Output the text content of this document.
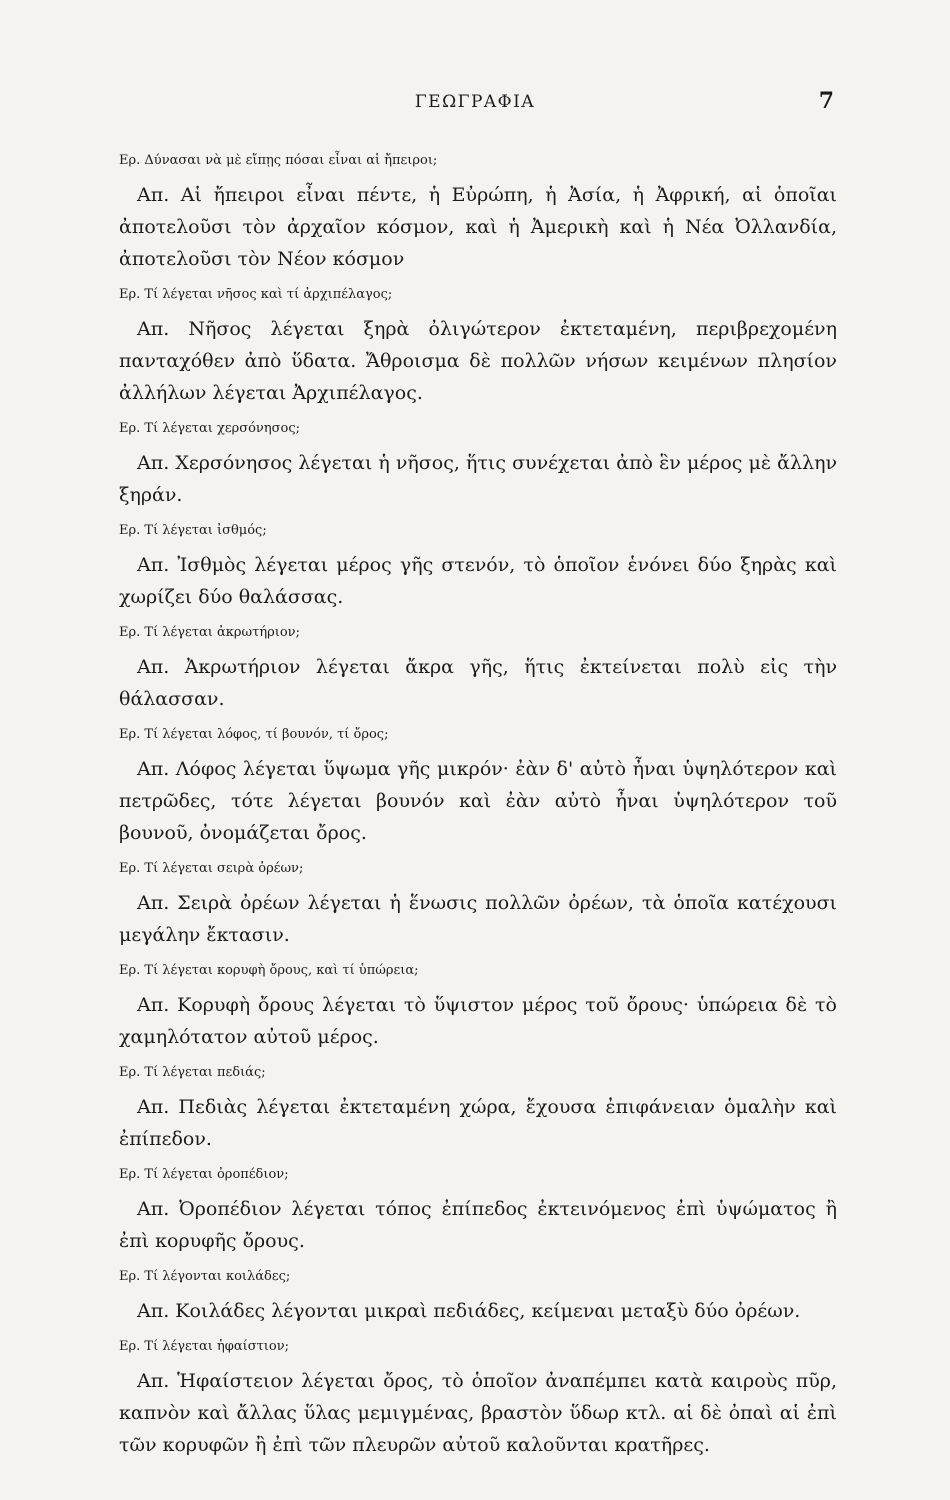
ΓΕΩΓΡΑΦΙΑ	7

Ερ. Δύνασαι νὰ μὲ εἴπῃς πόσαι εἶναι αἱ ἤπειροι;

Απ. Αἱ ἤπειροι εἶναι πέντε, ἡ Εὐρώπη, ἡ Ἀσία, ἡ Ἀφρική, αἱ ὁποῖαι ἀποτελοῦσι τὸν ἀρχαῖον κόσμον, καὶ ἡ Ἀμερικὴ καὶ ἡ Νέα Ὀλλανδία, ἀποτελοῦσι τὸν Νέον κόσμον

Ερ. Τί λέγεται νῆσος καὶ τί ἀρχιπέλαγος;

Απ. Νῆσος λέγεται ξηρὰ ὀλιγώτερον ἐκτεταμένη, περιβρεχομένη πανταχόθεν ἀπὸ ὕδατα. Ἄθροισμα δὲ πολλῶν νήσων κειμένων πλησίον ἀλλήλων λέγεται Ἀρχιπέλαγος.

Ερ. Τί λέγεται χερσόνησος;

Απ. Χερσόνησος λέγεται ἡ νῆσος, ἥτις συνέχεται ἀπὸ ἓν μέρος μὲ ἄλλην ξηράν.

Ερ. Τί λέγεται ἰσθμός;

Απ. Ἰσθμὸς λέγεται μέρος γῆς στενόν, τὸ ὁποῖον ἑνόνει δύο ξηρὰς καὶ χωρίζει δύο θαλάσσας.

Ερ. Τί λέγεται ἀκρωτήριον;

Απ. Ἀκρωτήριον λέγεται ἄκρα γῆς, ἥτις ἐκτείνεται πολὺ εἰς τὴν θάλασσαν.

Ερ. Τί λέγεται λόφος, τί βουνόν, τί ὄρος;

Απ. Λόφος λέγεται ὕψωμα γῆς μικρόν· ἐὰν δ' αὐτὸ ἦναι ὑψηλότερον καὶ πετρῶδες, τότε λέγεται βουνόν καὶ ἐὰν αὐτὸ ἦναι ὑψηλότερον τοῦ βουνοῦ, ὀνομάζεται ὄρος.

Ερ. Τί λέγεται σειρὰ ὀρέων;

Απ. Σειρὰ ὀρέων λέγεται ἡ ἕνωσις πολλῶν ὀρέων, τὰ ὁποῖα κατέχουσι μεγάλην ἔκτασιν.

Ερ. Τί λέγεται κορυφὴ ὄρους, καὶ τί ὑπώρεια;

Απ. Κορυφὴ ὄρους λέγεται τὸ ὕψιστον μέρος τοῦ ὄρους· ὑπώρεια δὲ τὸ χαμηλότατον αὐτοῦ μέρος.

Ερ. Τί λέγεται πεδιάς;

Απ. Πεδιὰς λέγεται ἐκτεταμένη χώρα, ἔχουσα ἐπιφάνειαν ὁμαλὴν καὶ ἐπίπεδον.

Ερ. Τί λέγεται ὀροπέδιον;

Απ. Ὀροπέδιον λέγεται τόπος ἐπίπεδος ἐκτεινόμενος ἐπὶ ὑψώματος ἢ ἐπὶ κορυφῆς ὄρους.

Ερ. Τί λέγονται κοιλάδες;

Απ. Κοιλάδες λέγονται μικραὶ πεδιάδες, κείμεναι μεταξὺ δύο ὀρέων.

Ερ. Τί λέγεται ἡφαίστιον;

Απ. Ἡφαίστειον λέγεται ὄρος, τὸ ὁποῖον ἀναπέμπει κατὰ καιροὺς πῦρ, καπνὸν καὶ ἄλλας ὕλας μεμιγμένας, βραστὸν ὕδωρ κτλ. αἱ δὲ ὀπαὶ αἱ ἐπὶ τῶν κορυφῶν ἢ ἐπὶ τῶν πλευρῶν αὐτοῦ καλοῦνται κρατῆρες.
